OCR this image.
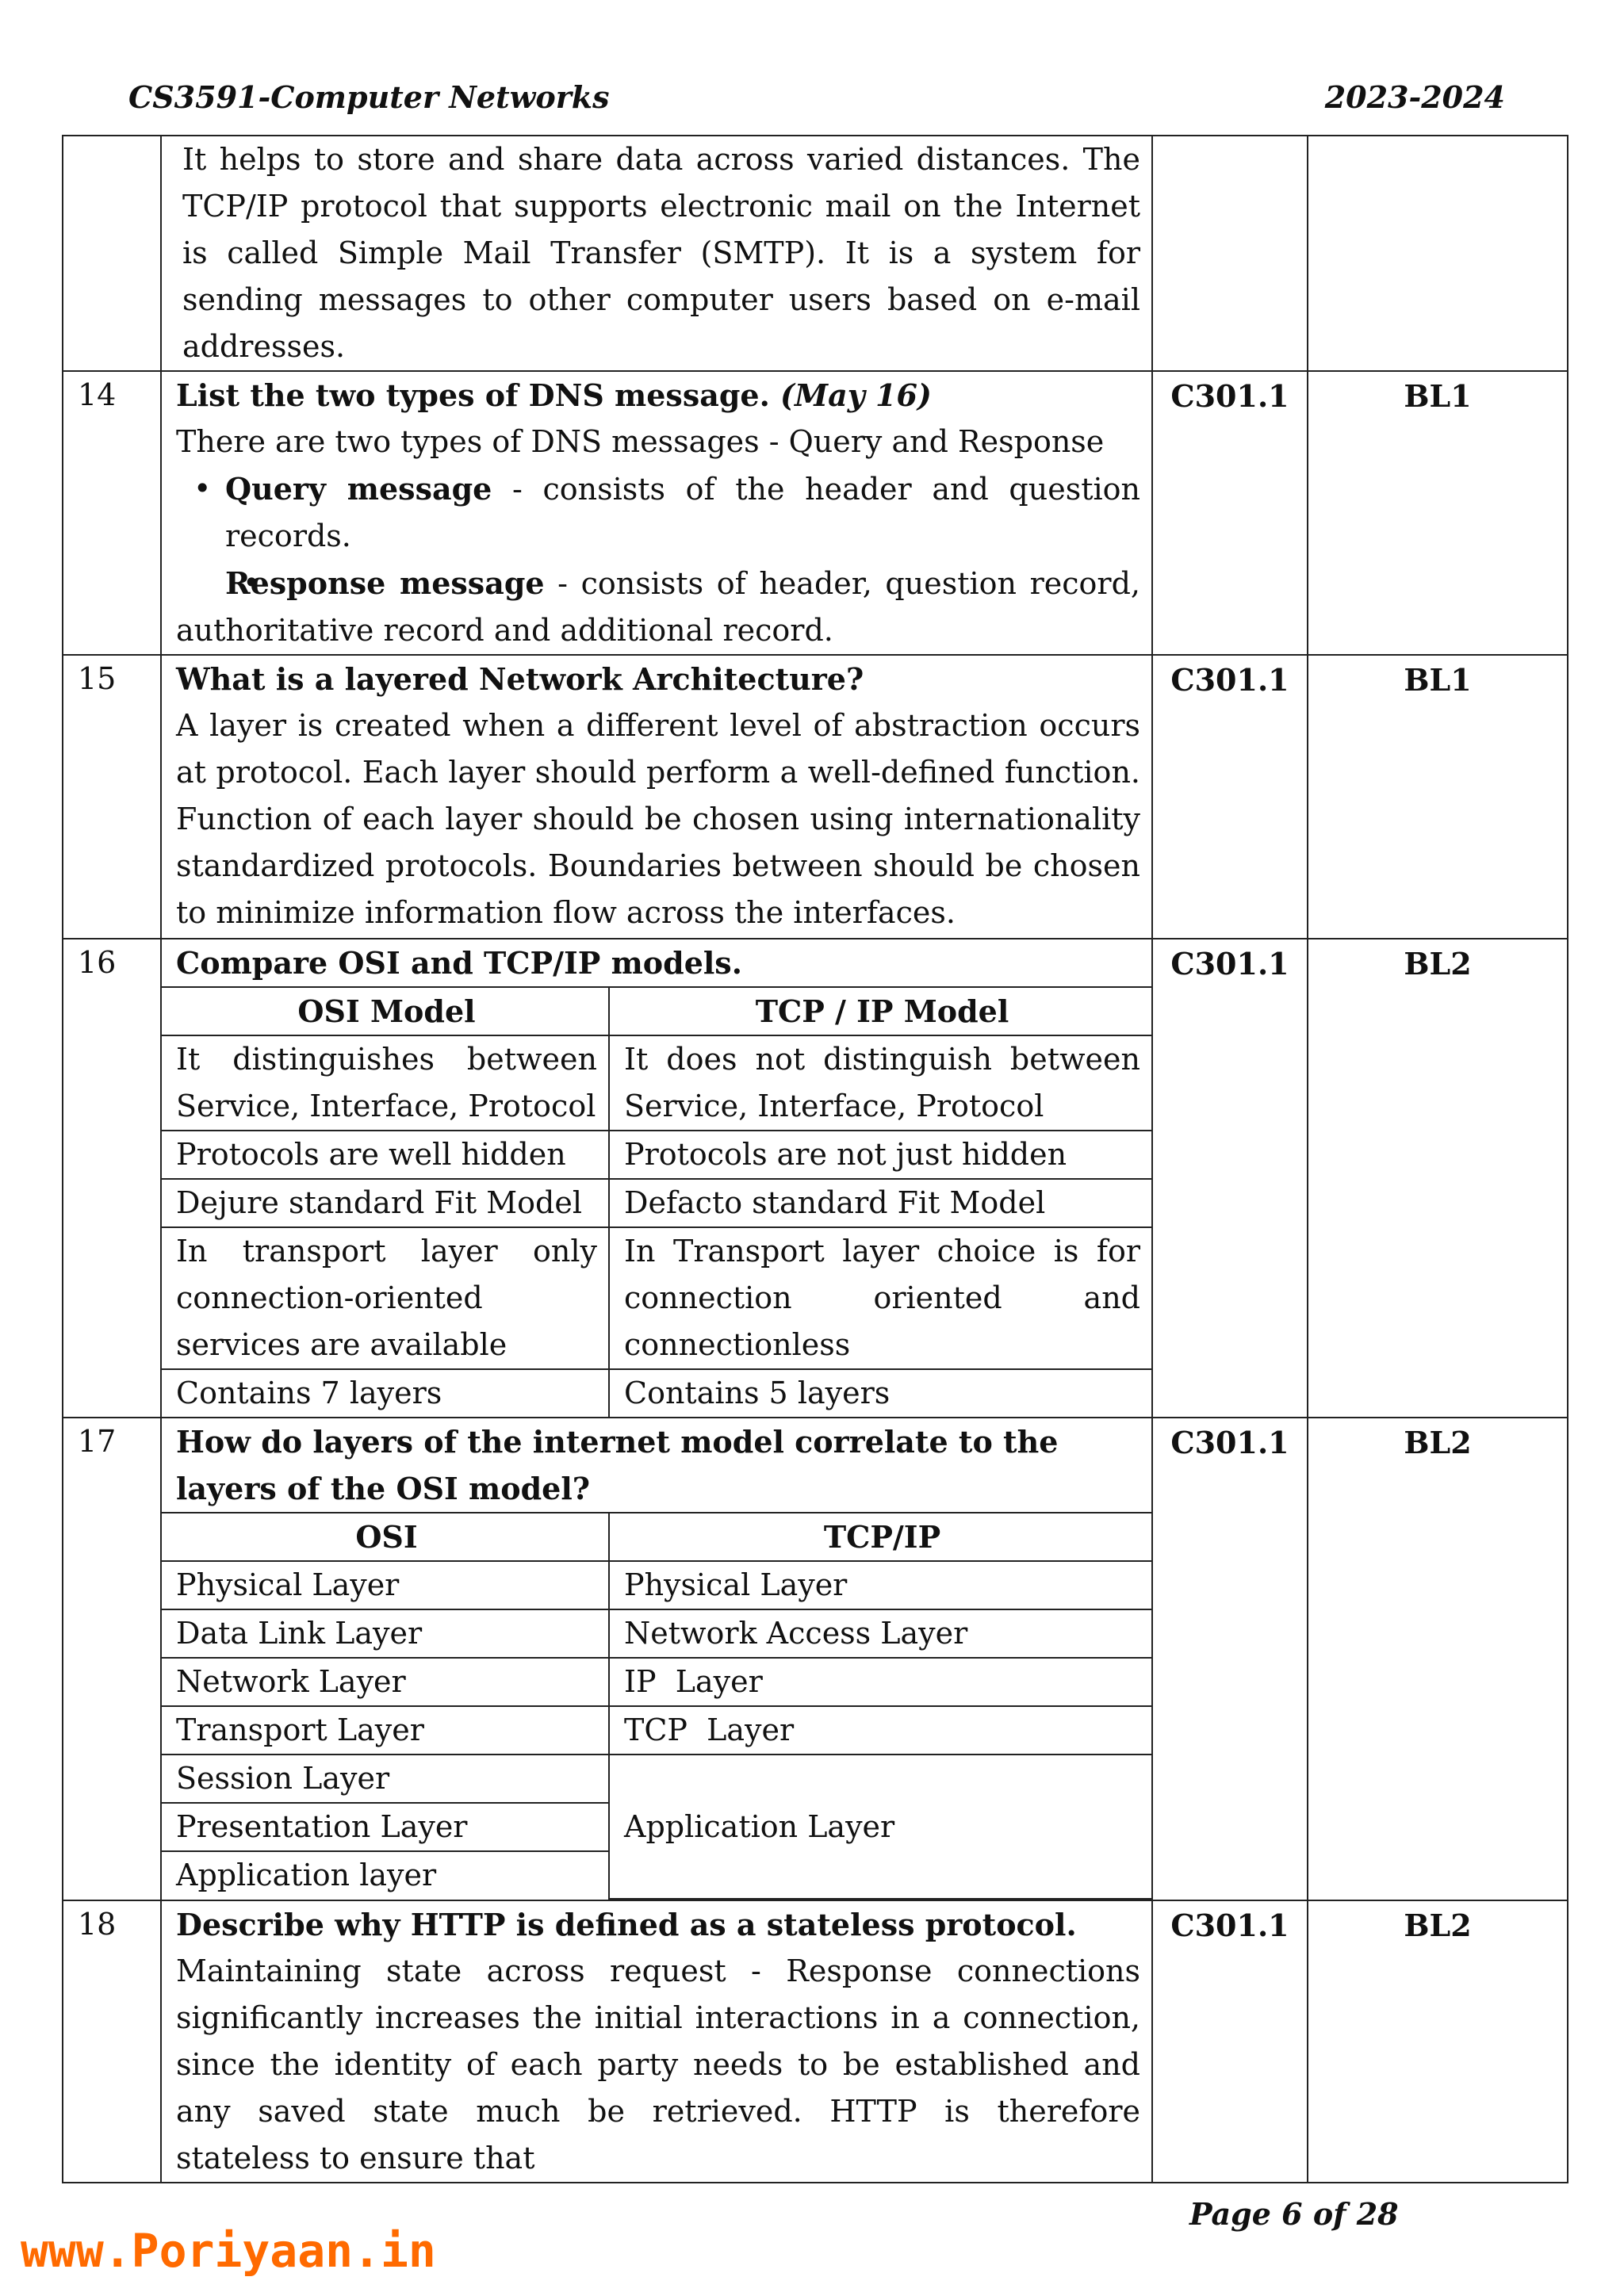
CS3591-Computer Networks	2023-2024

It helps to store and share data across varied distances. The TCP/IP protocol that supports electronic mail on the Internet is called Simple Mail Transfer (SMTP). It is a system for sending messages to other computer users based on e-mail addresses.

14	List the two types of DNS message. (May 16)
There are two types of DNS messages - Query and Response
• Query message - consists of the header and question records.
• Response message - consists of header, question record, authoritative record and additional record.
	C301.1	BL1
15	What is a layered Network Architecture?
A layer is created when a different level of abstraction occurs at protocol. Each layer should perform a well-defined function. Function of each layer should be chosen using internationality standardized protocols. Boundaries between should be chosen to minimize information flow across the interfaces.
	C301.1	BL1
16	Compare OSI and TCP/IP models.
OSI Model	TCP / IP Model
It distinguishes between Service, Interface, Protocol	It does not distinguish between Service, Interface, Protocol
Protocols are well hidden	Protocols are not just hidden
Dejure standard Fit Model	Defacto standard Fit Model
In transport layer only connection-oriented services are available	In Transport layer choice is for connection oriented and connectionless
Contains 7 layers	Contains 5 layers
	C301.1	BL2
17	How do layers of the internet model correlate to the layers of the OSI model?
OSI	TCP/IP
Physical Layer	Physical Layer
Data Link Layer	Network Access Layer
Network Layer	IP  Layer
Transport Layer	TCP  Layer
Session Layer	Application Layer
Presentation Layer
Application layer
	C301.1	BL2
18	Describe why HTTP is defined as a stateless protocol.
Maintaining state across request - Response connections significantly increases the initial interactions in a connection, since the identity of each party needs to be established and any saved state much be retrieved. HTTP is therefore stateless to ensure that
	C301.1	BL2
Page 6 of 28
www.Poriyaan.in
